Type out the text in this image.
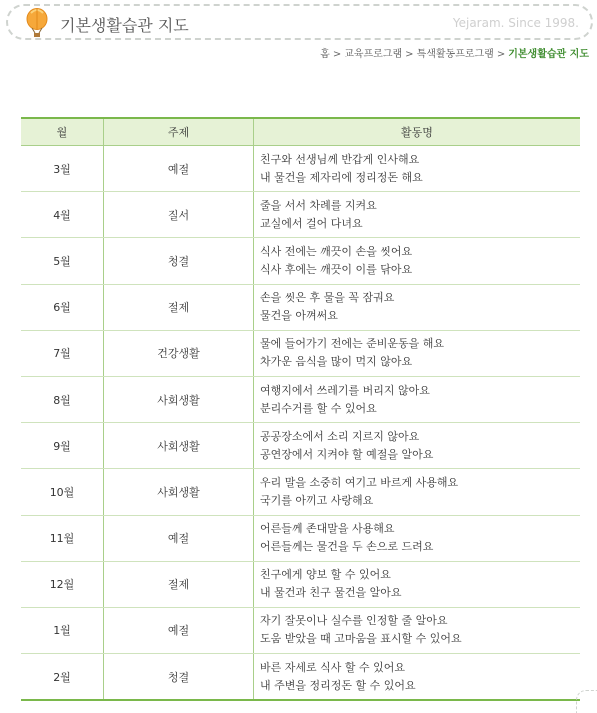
기본생활습관 지도	Yejaram. Since 1998.
홈 > 교육프로그램 > 특색활동프로그램 > 기본생활습관 지도
월	주제	활동명
3월	예절	친구와 선생님께 반갑게 인사해요
내 물건을 제자리에 정리정돈 해요

4월	질서	줄을 서서 차례를 지켜요
교실에서 걸어 다녀요

5월	청결	식사 전에는 깨끗이 손을 씻어요
식사 후에는 깨끗이 이를 닦아요

6월	절제	손을 씻은 후 물을 꼭 잠궈요
물건을 아껴써요

7월	건강생활	물에 들어가기 전에는 준비운동을 해요
차가운 음식을 많이 먹지 않아요

8월	사회생활	여행지에서 쓰레기를 버리지 않아요
분리수거를 할 수 있어요

9월	사회생활	공공장소에서 소리 지르지 않아요
공연장에서 지켜야 할 예절을 알아요

10월	사회생활	우리 말을 소중히 여기고 바르게 사용해요
국기를 아끼고 사랑해요

11월	예절	어른들께 존대말을 사용해요
어른들께는 물건을 두 손으로 드려요

12월	절제	친구에게 양보 할 수 있어요
내 물건과 친구 물건을 알아요

1월	예절	자기 잘못이나 실수를 인정할 줄 알아요
도움 받았을 때 고마움을 표시할 수 있어요

2월	청결	바른 자세로 식사 할 수 있어요
내 주변을 정리정돈 할 수 있어요
